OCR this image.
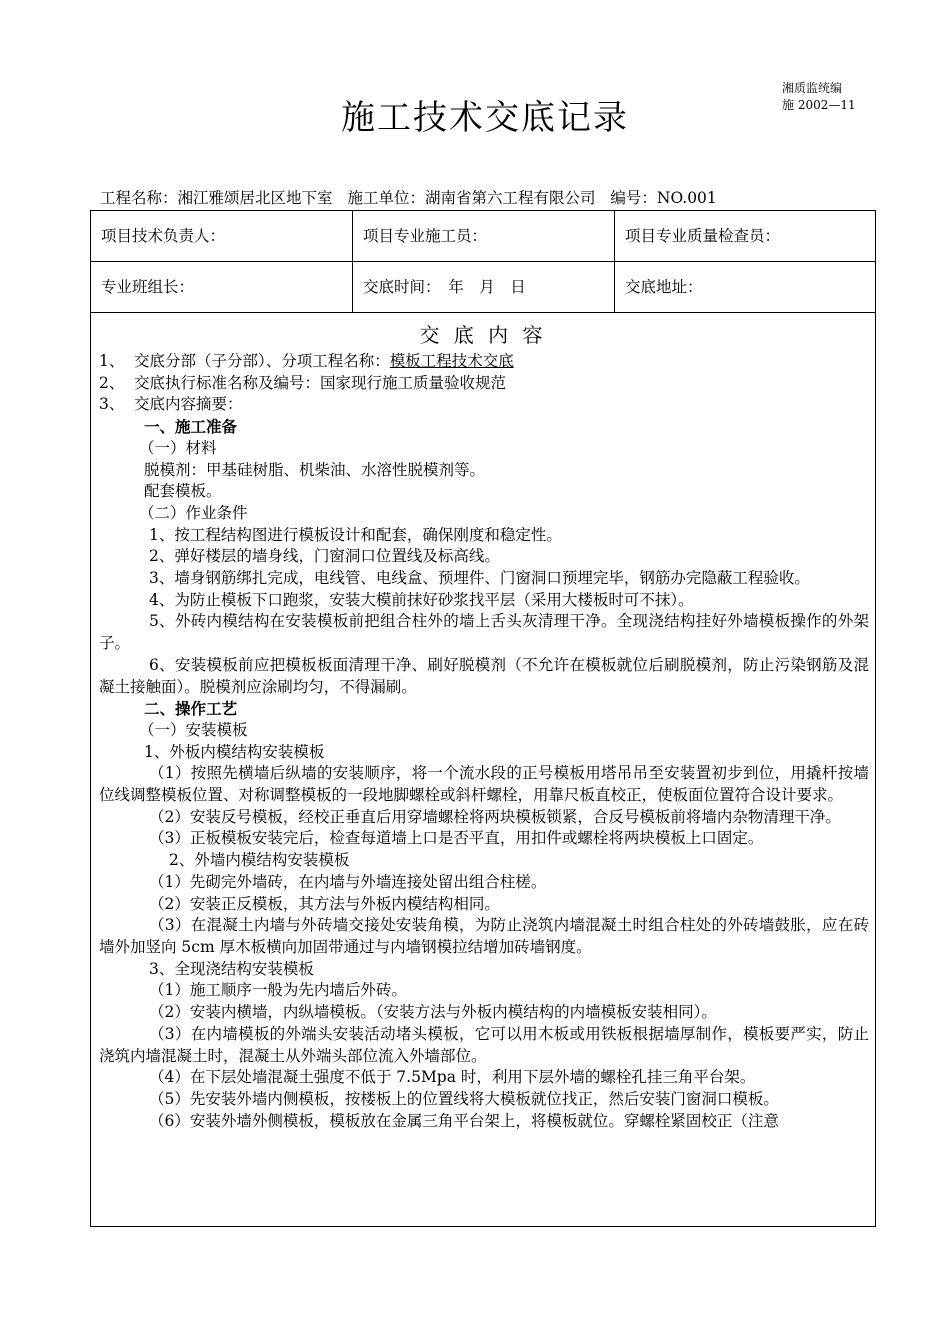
湘质监统编
施 2002—11
施工技术交底记录
工程名称：湘江雅颂居北区地下室 施工单位：湖南省第六工程有限公司 编号：NO.001
项目技术负责人：	项目专业施工员：	项目专业质量检查员：
专业班组长：	交底时间：　年　月　日	交底地址：
交 底 内 容

1、 交底分部（子分部）、分项工程名称：模板工程技术交底

2、 交底执行标准名称及编号：国家现行施工质量验收规范

3、 交底内容摘要：

一、施工准备

（一）材料

脱模剂：甲基硅树脂、机柴油、水溶性脱模剂等。

配套模板。

（二）作业条件

1、按工程结构图进行模板设计和配套，确保刚度和稳定性。

2、弹好楼层的墙身线，门窗洞口位置线及标高线。

3、墙身钢筋绑扎完成，电线管、电线盒、预埋件、门窗洞口预埋完毕，钢筋办完隐蔽工程验收。

4、为防止模板下口跑浆，安装大模前抹好砂浆找平层（采用大楼板时可不抹）。

5、外砖内模结构在安装模板前把组合柱外的墙上舌头灰清理干净。全现浇结构挂好外墙模板操作的外架子。

6、安装模板前应把模板板面清理干净、刷好脱模剂（不允许在模板就位后刷脱模剂，防止污染钢筋及混凝土接触面）。脱模剂应涂刷均匀，不得漏刷。

二、操作工艺

（一）安装模板

1、外板内模结构安装模板

（1）按照先横墙后纵墙的安装顺序，将一个流水段的正号模板用塔吊吊至安装置初步到位，用撬杆按墙位线调整模板位置、对称调整模板的一段地脚螺栓或斜杆螺栓，用靠尺板直校正，使板面位置符合设计要求。

（2）安装反号模板，经校正垂直后用穿墙螺栓将两块模板锁紧，合反号模板前将墙内杂物清理干净。

（3）正板模板安装完后，检查每道墙上口是否平直，用扣件或螺栓将两块模板上口固定。

2、外墙内模结构安装模板

（1）先砌完外墙砖，在内墙与外墙连接处留出组合柱槎。

（2）安装正反模板，其方法与外板内模结构相同。

（3）在混凝土内墙与外砖墙交接处安装角模，为防止浇筑内墙混凝土时组合柱处的外砖墙鼓胀，应在砖墙外加竖向 5cm 厚木板横向加固带通过与内墙钢模拉结增加砖墙钢度。

3、全现浇结构安装模板

（1）施工顺序一般为先内墙后外砖。

（2）安装内横墙，内纵墙模板。（安装方法与外板内模结构的内墙模板安装相同）。

（3）在内墙模板的外端头安装活动堵头模板，它可以用木板或用铁板根据墙厚制作，模板要严实，防止浇筑内墙混凝土时，混凝土从外端头部位流入外墙部位。

（4）在下层处墙混凝土强度不低于 7.5Mpa 时，利用下层外墙的螺栓孔挂三角平台架。

（5）先安装外墙内侧模板，按楼板上的位置线将大模板就位找正，然后安装门窗洞口模板。

（6）安装外墙外侧模板，模板放在金属三角平台架上，将模板就位。穿螺栓紧固校正（注意
